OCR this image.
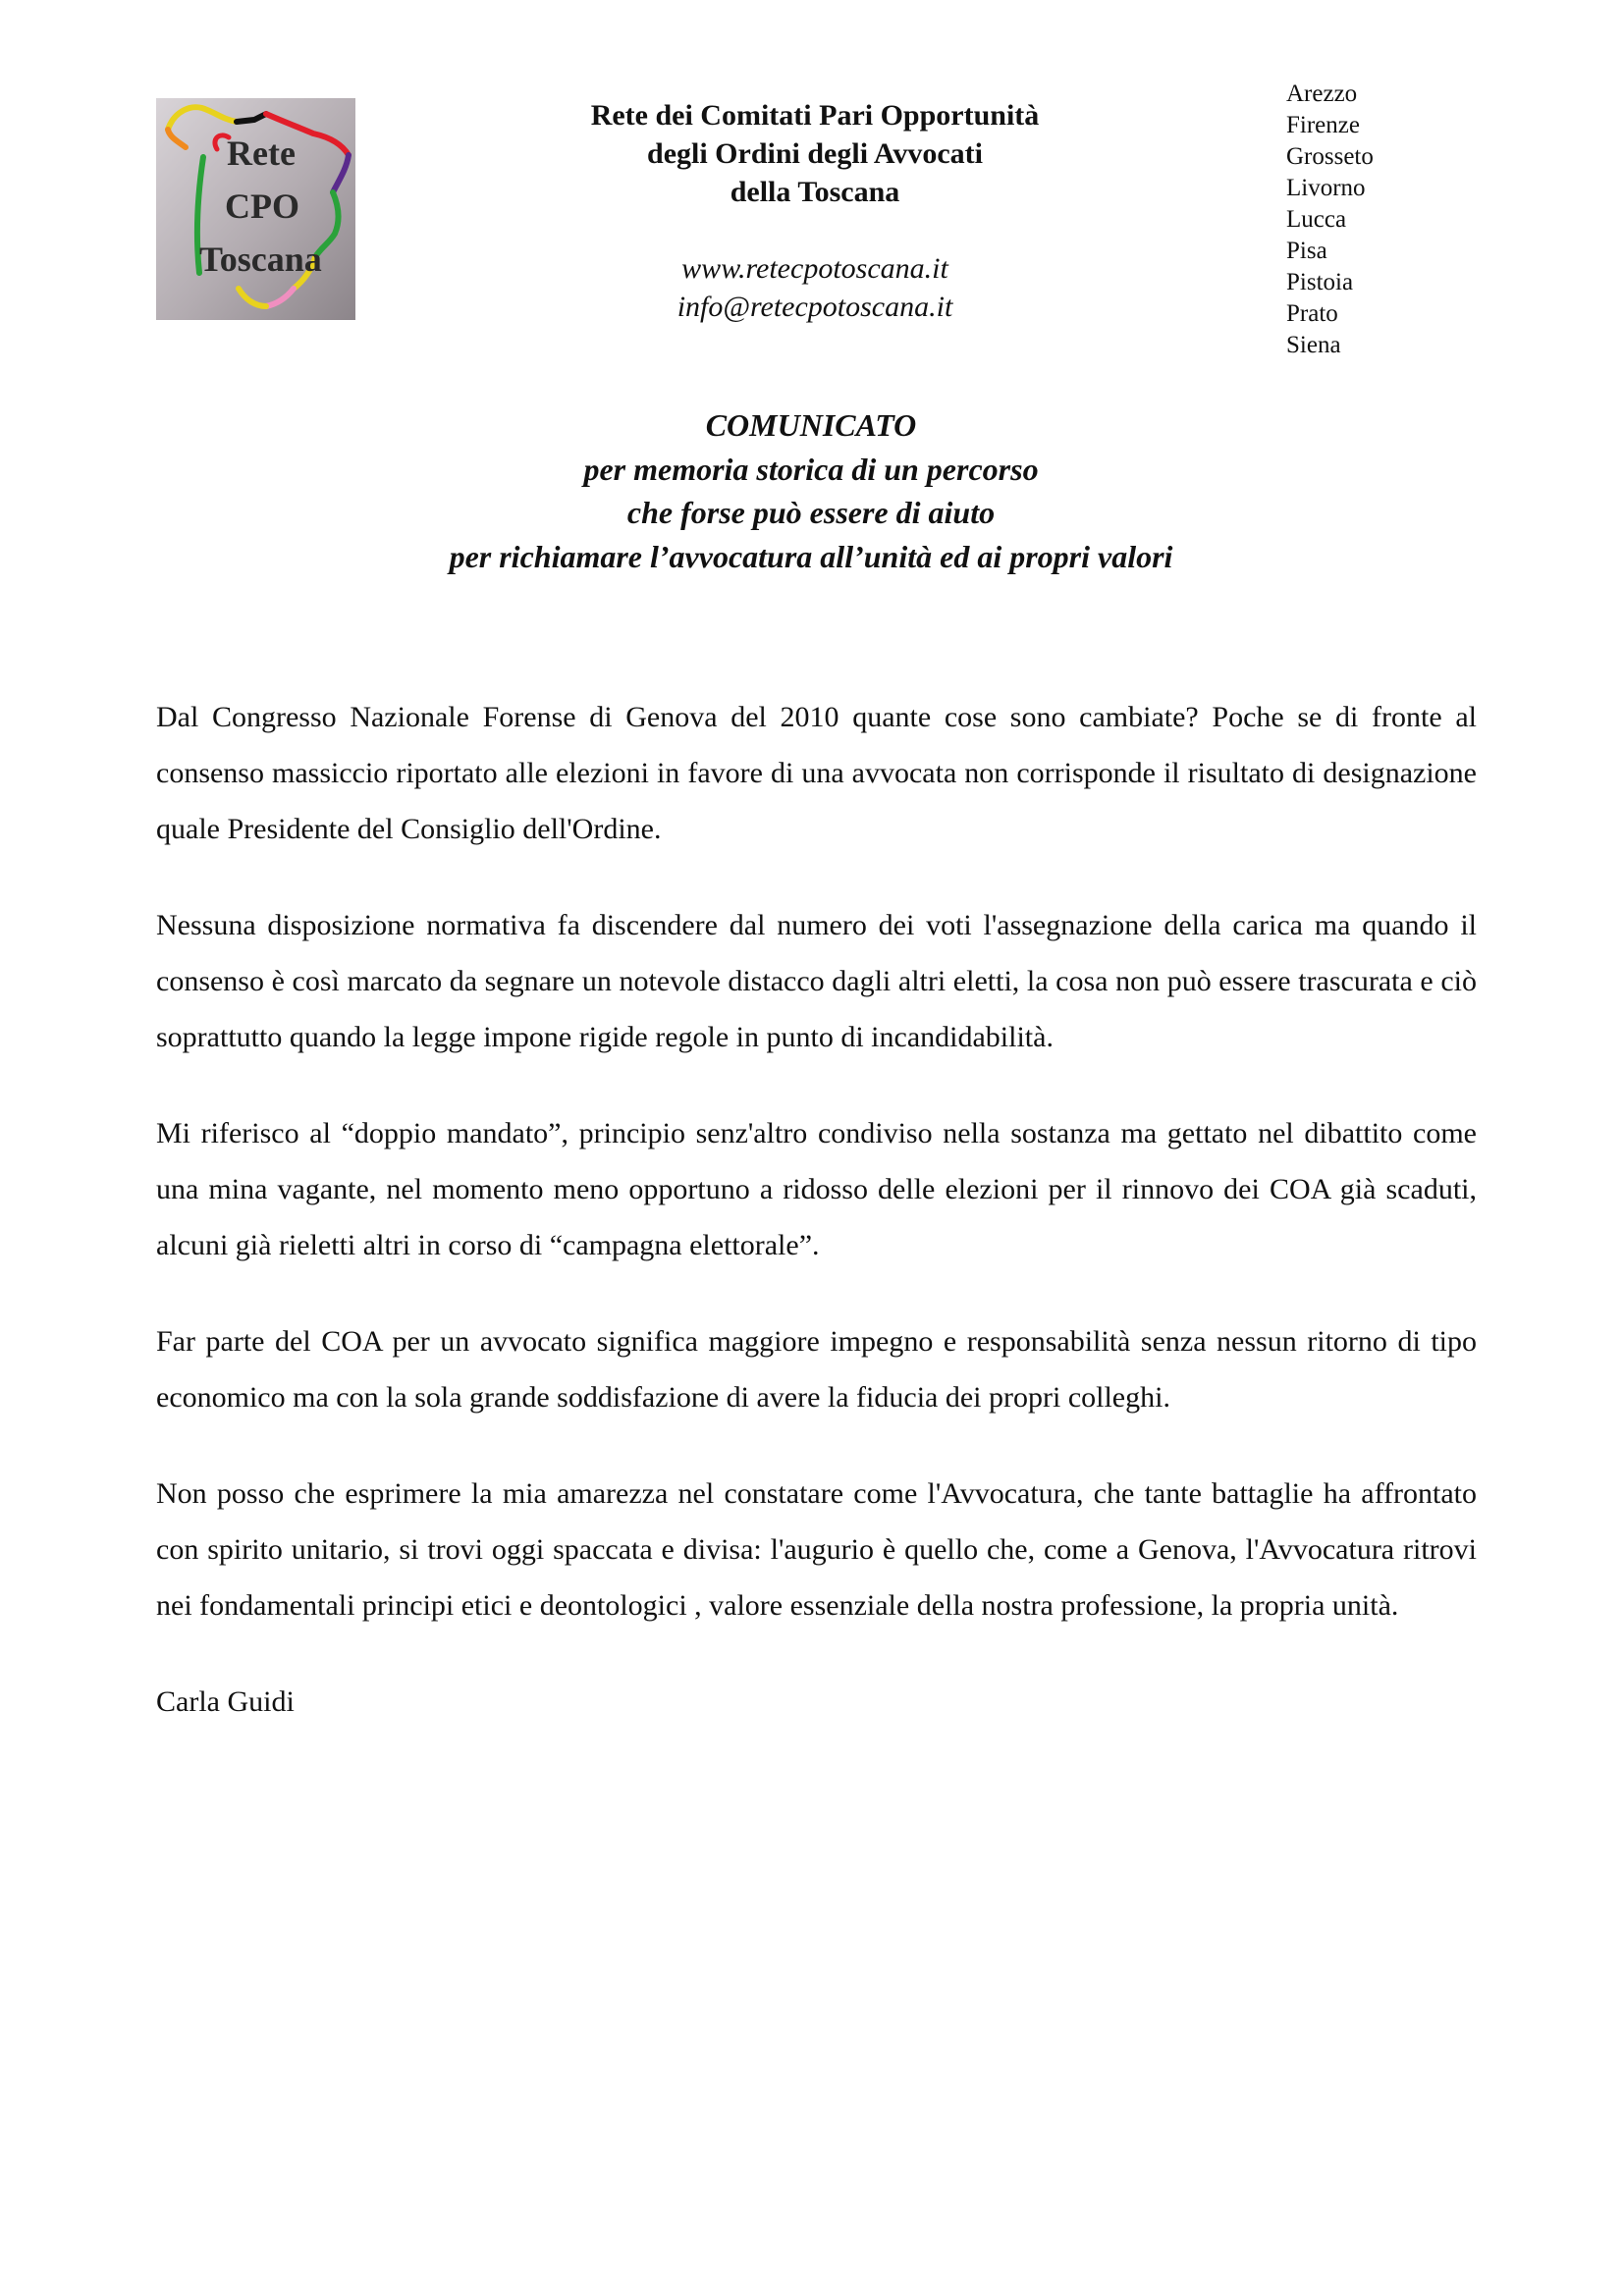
Rete
CPO
Toscana
Rete dei Comitati Pari Opportunità
degli Ordini degli Avvocati
della Toscana
www.retecpotoscana.it
info@retecpotoscana.it
Arezzo
Firenze
Grosseto
Livorno
Lucca
Pisa
Pistoia
Prato
Siena
COMUNICATO
per memoria storica di un percorso
che forse può essere di aiuto
per richiamare l’avvocatura all’unità ed ai propri valori

Dal Congresso Nazionale Forense di Genova del 2010 quante cose sono cambiate? Poche se di fronte al consenso massiccio riportato alle elezioni in favore di una avvocata non corrisponde il risultato di designazione quale Presidente del Consiglio dell'Ordine.

Nessuna disposizione normativa fa discendere dal numero dei voti l'assegnazione della carica ma quando il consenso è così marcato da segnare un notevole distacco dagli altri eletti, la cosa non può essere trascurata e ciò soprattutto quando la legge impone rigide regole in punto di incandidabilità.

Mi riferisco al “doppio mandato”, principio senz'altro condiviso nella sostanza ma gettato nel dibattito come una mina vagante, nel momento meno opportuno a ridosso delle elezioni per il rinnovo dei COA già scaduti, alcuni già rieletti altri in corso di “campagna elettorale”.

Far parte del COA per un avvocato significa maggiore impegno e responsabilità senza nessun ritorno di tipo economico ma con la sola grande soddisfazione di avere la fiducia dei propri colleghi.

Non posso che esprimere la mia amarezza nel constatare come l'Avvocatura, che tante battaglie ha affrontato con spirito unitario, si trovi oggi spaccata e divisa: l'augurio è quello che, come a Genova, l'Avvocatura ritrovi nei fondamentali principi etici e deontologici , valore essenziale della nostra professione, la propria unità.

Carla Guidi
